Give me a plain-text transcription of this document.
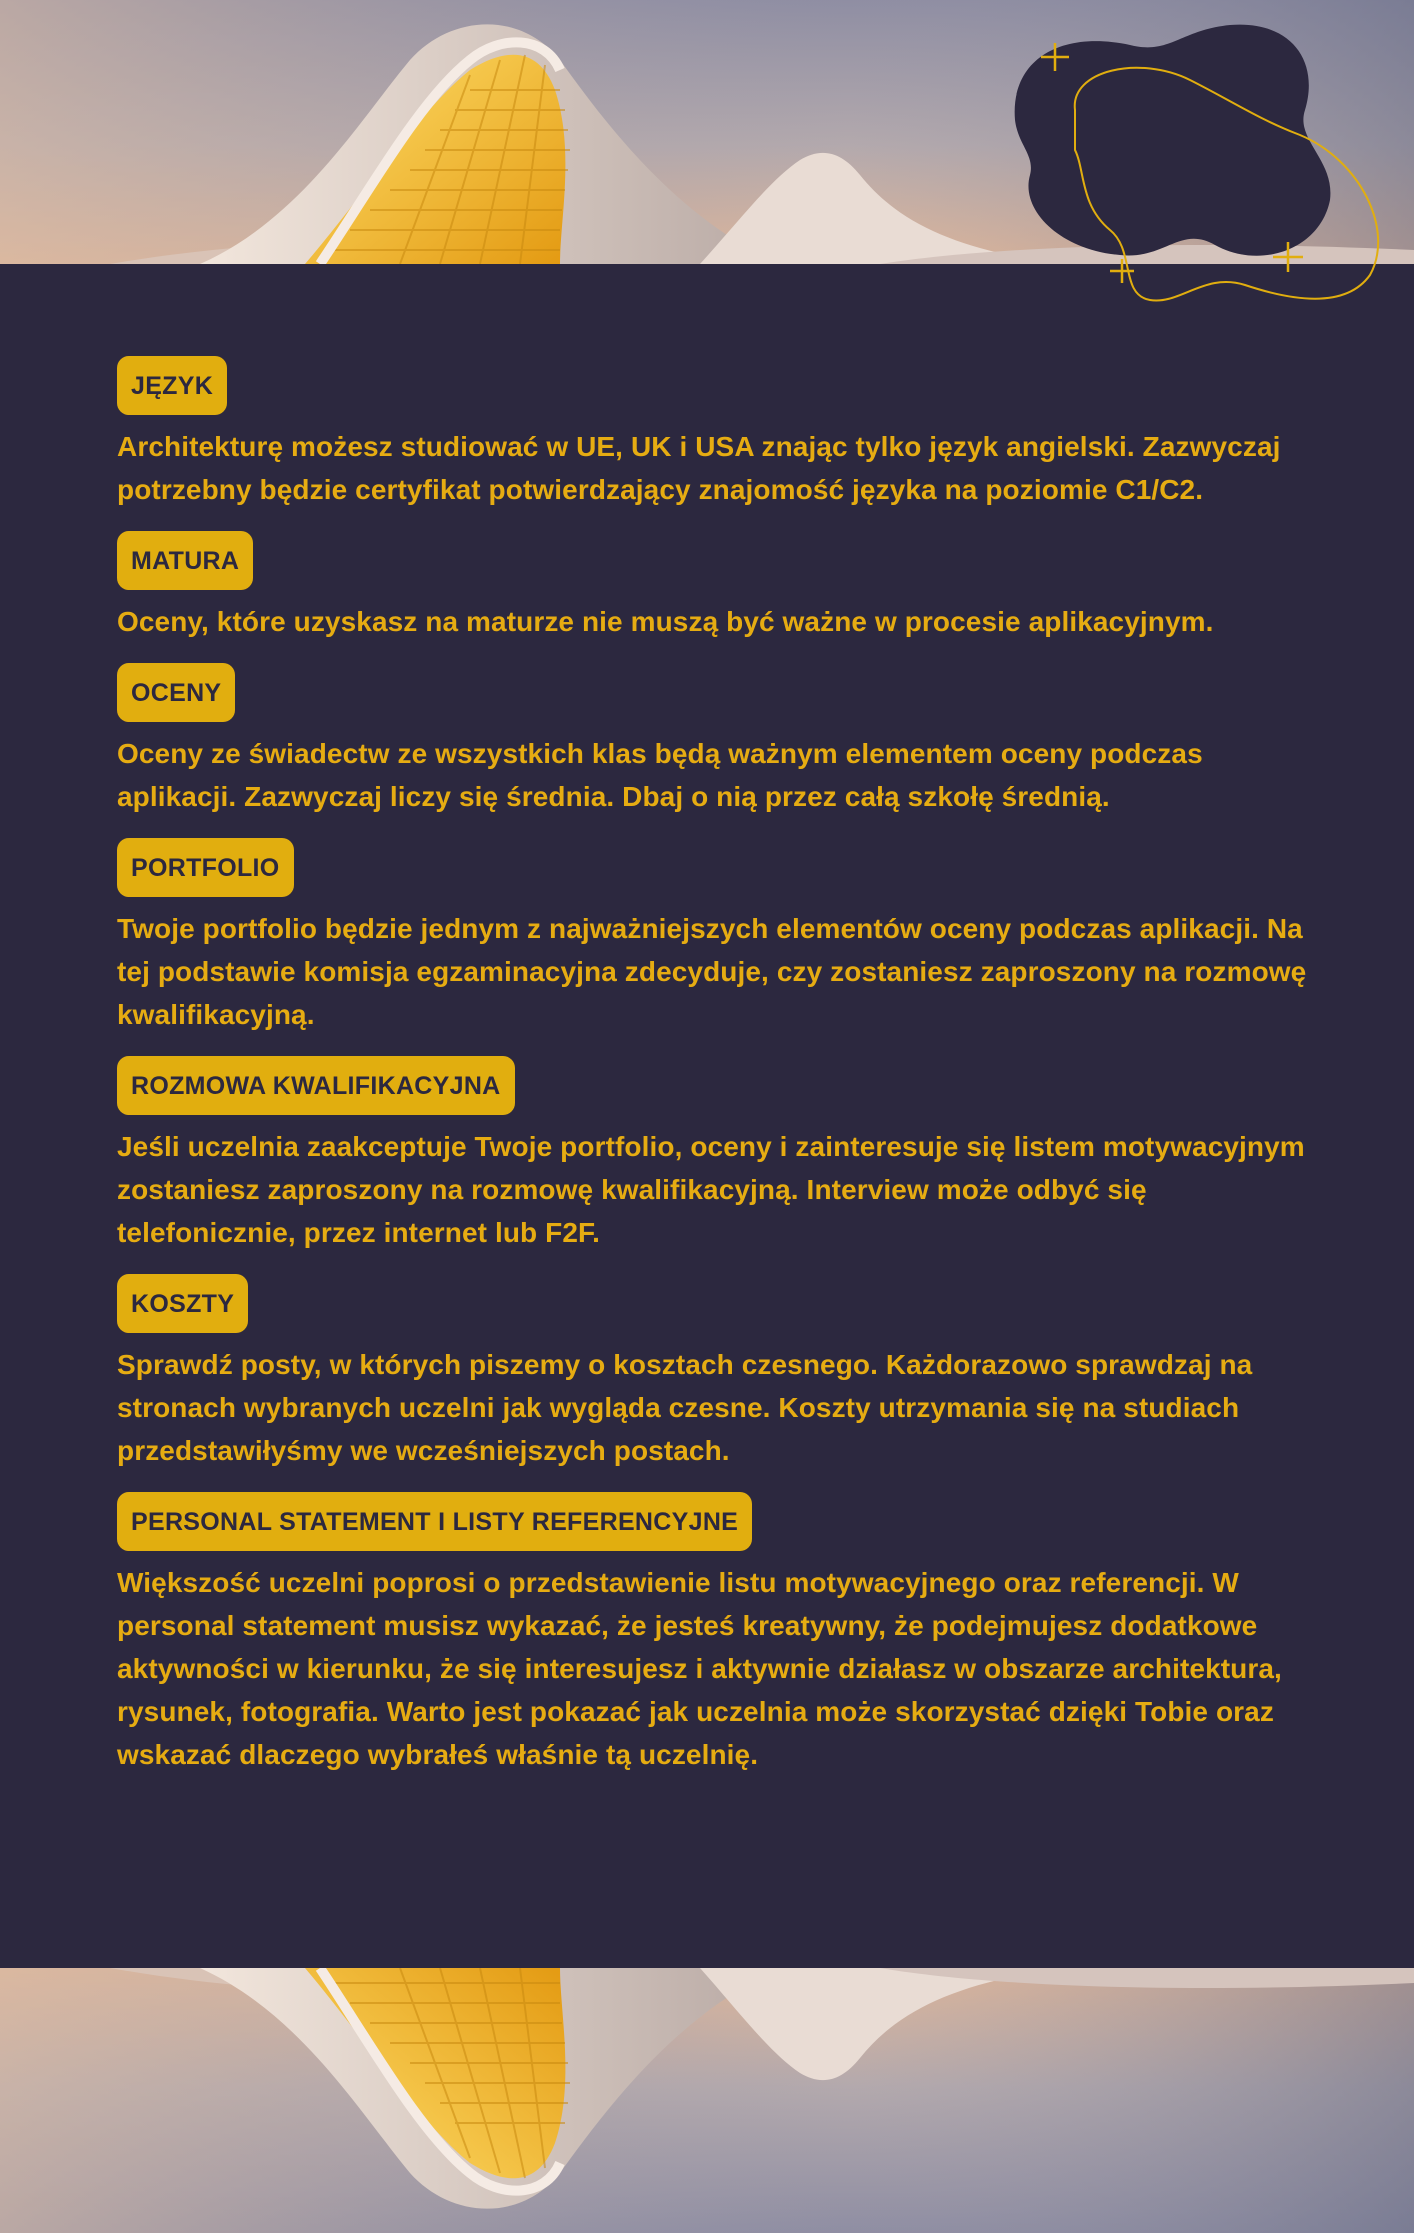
JĘZYK

Architekturę możesz studiować w UE, UK i USA znając tylko język angielski. Zazwyczaj potrzebny będzie certyfikat potwierdzający znajomość języka na poziomie C1/C2.

MATURA

Oceny, które uzyskasz na maturze nie muszą być ważne w procesie aplikacyjnym.

OCENY

Oceny ze świadectw ze wszystkich klas będą ważnym elementem oceny podczas aplikacji. Zazwyczaj liczy się średnia. Dbaj o nią przez całą szkołę średnią.

PORTFOLIO

Twoje portfolio będzie jednym z najważniejszych elementów oceny podczas aplikacji. Na tej podstawie komisja egzaminacyjna zdecyduje, czy zostaniesz zaproszony na rozmowę kwalifikacyjną.

ROZMOWA KWALIFIKACYJNA

Jeśli uczelnia zaakceptuje Twoje portfolio, oceny i zainteresuje się listem motywacyjnym zostaniesz zaproszony na rozmowę kwalifikacyjną. Interview może odbyć się telefonicznie, przez internet lub F2F.

KOSZTY

Sprawdź posty, w których piszemy o kosztach czesnego. Każdorazowo sprawdzaj na stronach wybranych uczelni jak wygląda czesne. Koszty utrzymania się na studiach przedstawiłyśmy we wcześniejszych postach.

PERSONAL STATEMENT I LISTY REFERENCYJNE

Większość uczelni poprosi o przedstawienie listu motywacyjnego oraz referencji. W personal statement musisz wykazać, że jesteś kreatywny, że podejmujesz dodatkowe aktywności w kierunku, że się interesujesz i aktywnie działasz w obszarze architektura, rysunek, fotografia. Warto jest pokazać jak uczelnia może skorzystać dzięki Tobie oraz wskazać dlaczego wybrałeś właśnie tą uczelnię.
